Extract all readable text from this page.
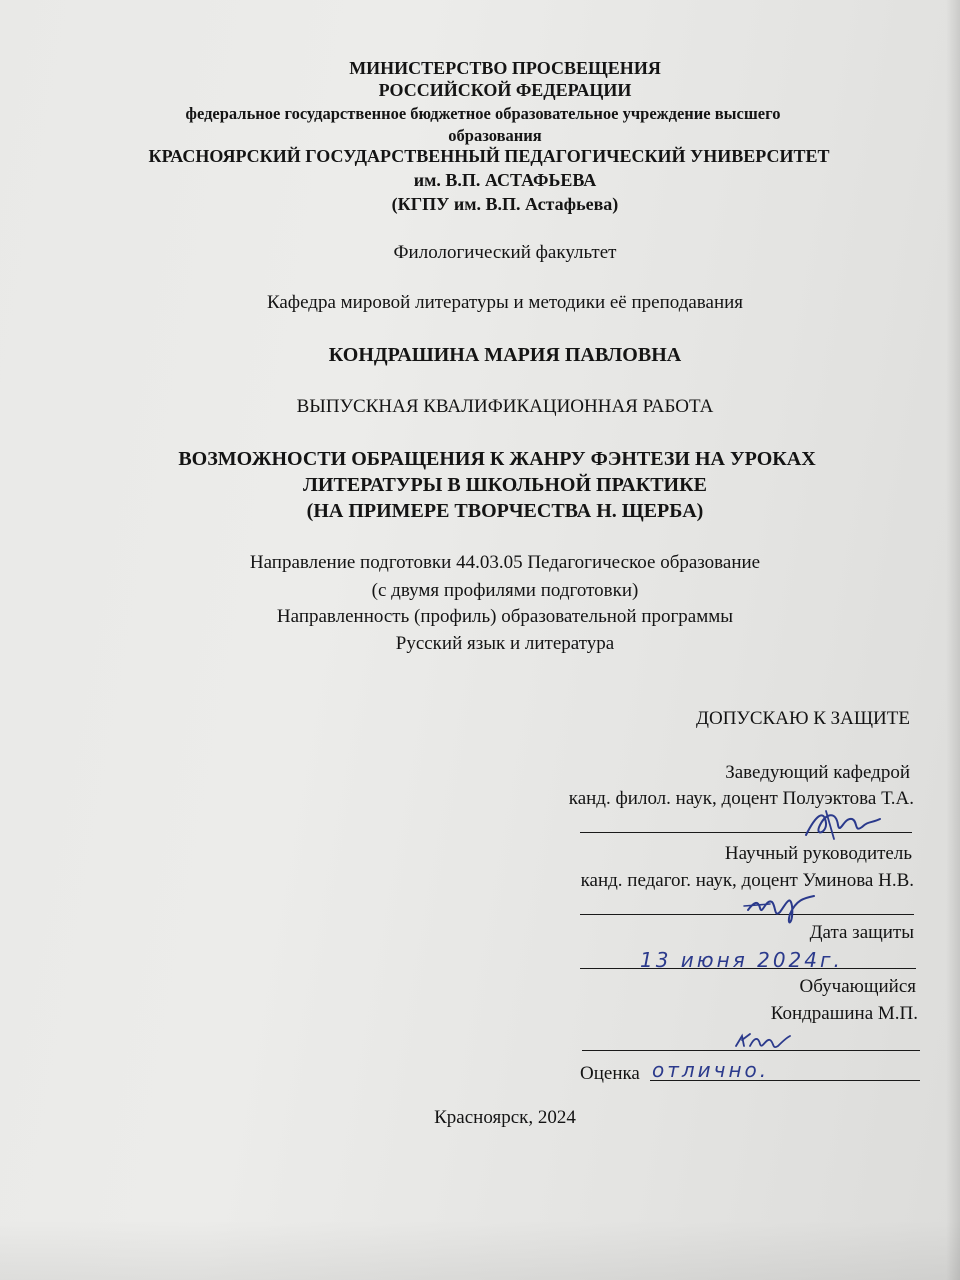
МИНИСТЕРСТВО ПРОСВЕЩЕНИЯ
РОССИЙСКОЙ ФЕДЕРАЦИИ
федеральное государственное бюджетное образовательное учреждение высшего
образования
КРАСНОЯРСКИЙ ГОСУДАРСТВЕННЫЙ ПЕДАГОГИЧЕСКИЙ УНИВЕРСИТЕТ
им. В.П. АСТАФЬЕВА
(КГПУ им. В.П. Астафьева)
Филологический факультет
Кафедра мировой литературы и методики её преподавания
КОНДРАШИНА МАРИЯ ПАВЛОВНА
ВЫПУСКНАЯ КВАЛИФИКАЦИОННАЯ РАБОТА
ВОЗМОЖНОСТИ ОБРАЩЕНИЯ К ЖАНРУ ФЭНТЕЗИ НА УРОКАХ
ЛИТЕРАТУРЫ В ШКОЛЬНОЙ ПРАКТИКЕ
(НА ПРИМЕРЕ ТВОРЧЕСТВА Н. ЩЕРБА)
Направление подготовки 44.03.05 Педагогическое образование
(с двумя профилями подготовки)
Направленность (профиль) образовательной программы
Русский язык и литература
ДОПУСКАЮ К ЗАЩИТЕ
Заведующий кафедрой
канд. филол. наук, доцент Полуэктова Т.А.
Научный руководитель
канд. педагог. наук, доцент Уминова Н.В.
Дата защиты
13 июня 2024г.
Обучающийся
Кондрашина М.П.
Оценка отлично.
Красноярск, 2024
